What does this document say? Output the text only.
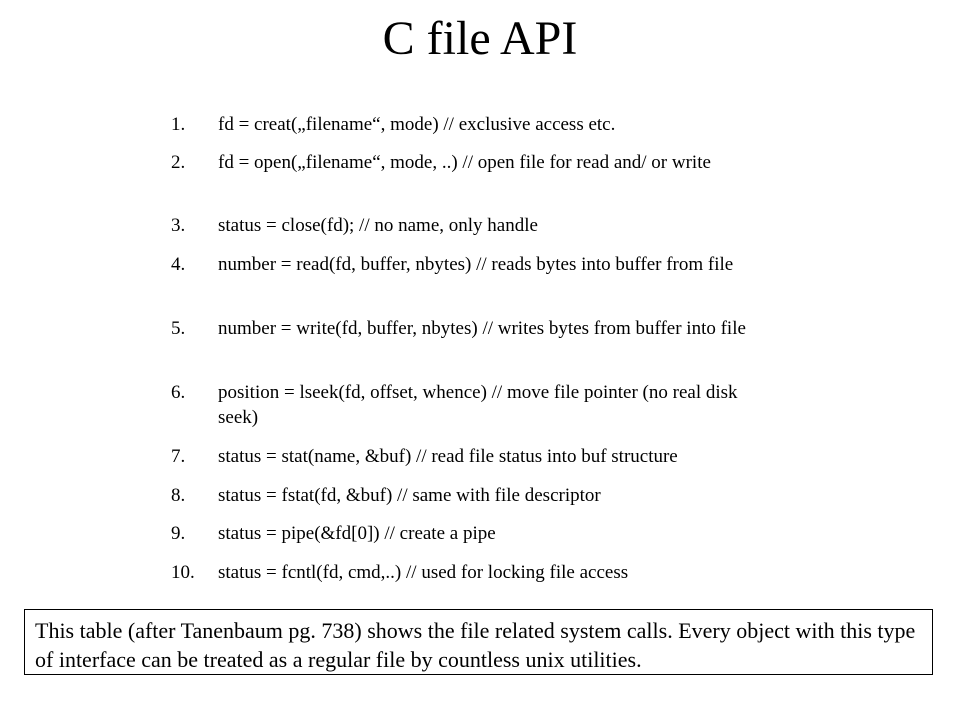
C file API
1. fd = creat(„filename“, mode) // exclusive access etc.
2. fd = open(„filename“, mode, ..) // open file for read and/ or write
3. status = close(fd); // no name, only handle
4. number = read(fd, buffer, nbytes) // reads bytes into buffer from file
5. number = write(fd, buffer, nbytes) // writes bytes from buffer into file
6. position = lseek(fd, offset, whence) // move file pointer (no real disk seek)
7. status = stat(name, &buf) // read file status into buf structure
8. status = fstat(fd, &buf) // same with file descriptor
9. status = pipe(&fd[0]) // create a pipe
10. status = fcntl(fd, cmd,..) // used for locking file access
This table (after Tanenbaum pg. 738) shows the file related system calls. Every object with this type of interface can be treated as a regular file by countless unix utilities.
